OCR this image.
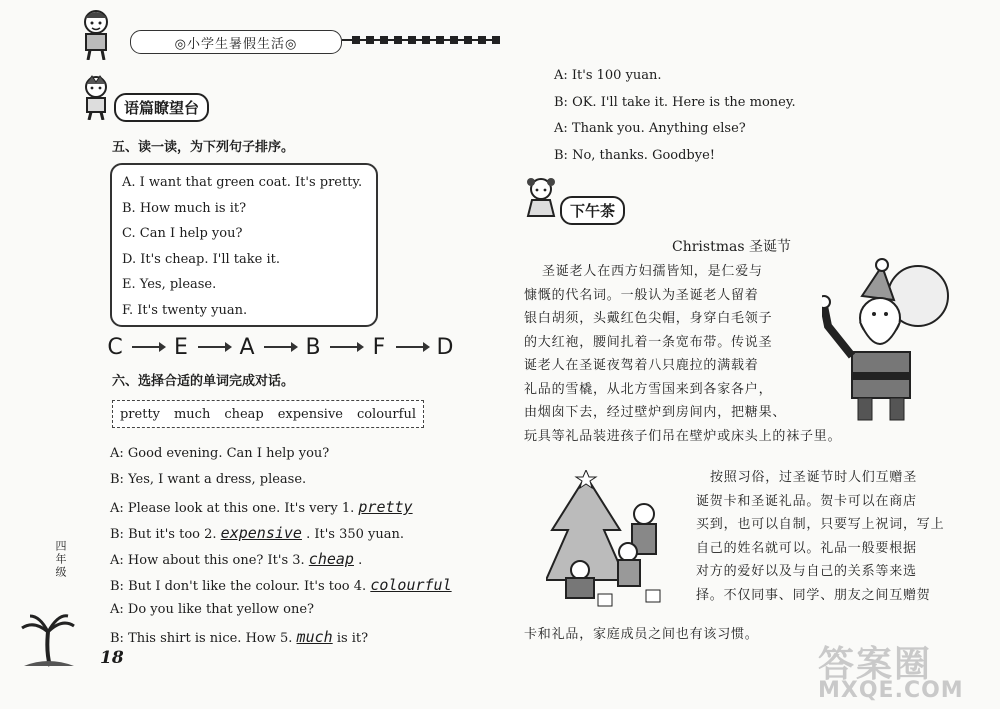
◎小学生暑假生活◎
语篇瞭望台
五、读一读，为下列句子排序。
A. I want that green coat. It's pretty.
B. How much is it?
C. Can I help you?
D. It's cheap. I'll take it.
E. Yes, please.
F. It's twenty yuan.
C	E	A	B	F	D
六、选择合适的单词完成对话。
pretty much cheap expensive colourful
A: Good evening. Can I help you?
B: Yes, I want a dress, please.
A: Please look at this one. It's very 1. pretty
B: But it's too 2. expensive . It's 350 yuan.
A: How about this one? It's 3. cheap .
B: But I don't like the colour. It's too 4. colourful
A: Do you like that yellow one?
B: This shirt is nice. How 5. much is it?
四年级
18
A: It's 100 yuan.
B: OK. I'll take it. Here is the money.
A: Thank you. Anything else?
B: No, thanks. Goodbye!
下午茶
Christmas 圣诞节
圣诞老人在西方妇孺皆知，是仁爱与
慷慨的代名词。一般认为圣诞老人留着
银白胡须，头戴红色尖帽，身穿白毛领子
的大红袍，腰间扎着一条宽布带。传说圣
诞老人在圣诞夜驾着八只鹿拉的满载着
礼品的雪橇，从北方雪国来到各家各户，
由烟囱下去，经过壁炉到房间内，把糖果、
玩具等礼品装进孩子们吊在壁炉或床头上的袜子里。
按照习俗，过圣诞节时人们互赠圣
诞贺卡和圣诞礼品。贺卡可以在商店
买到，也可以自制，只要写上祝词，写上
自己的姓名就可以。礼品一般要根据
对方的爱好以及与自己的关系等来选
择。不仅同事、同学、朋友之间互赠贺
卡和礼品，家庭成员之间也有该习惯。
答案圈
MXQE.COM
